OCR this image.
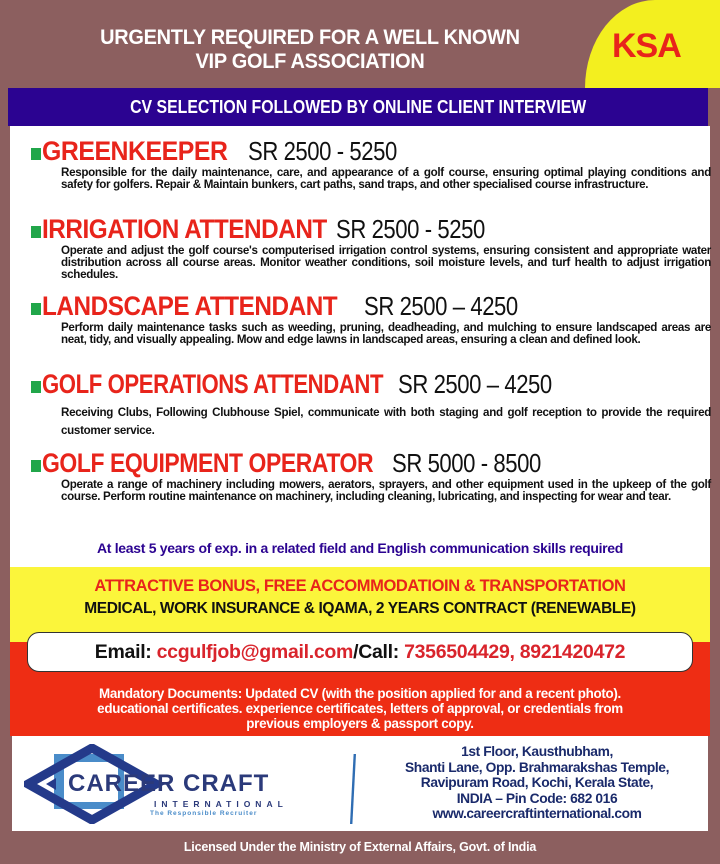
URGENTLY REQUIRED FOR A WELL KNOWN
VIP GOLF ASSOCIATION	KSA
CV SELECTION FOLLOWED BY ONLINE CLIENT INTERVIEW
GREENKEEPER SR 2500 - 5250
Responsible for the daily maintenance, care, and appearance of a golf course, ensuring optimal playing conditions and safety for golfers. Repair & Maintain bunkers, cart paths, sand traps, and other specialised course infrastructure.
IRRIGATION ATTENDANT SR 2500 - 5250
Operate and adjust the golf course's computerised irrigation control systems, ensuring consistent and appropriate water distribution across all course areas. Monitor weather conditions, soil moisture levels, and turf health to adjust irrigation schedules.
LANDSCAPE ATTENDANT SR 2500 – 4250
Perform daily maintenance tasks such as weeding, pruning, deadheading, and mulching to ensure landscaped areas are neat, tidy, and visually appealing. Mow and edge lawns in landscaped areas, ensuring a clean and defined look.
GOLF OPERATIONS ATTENDANT SR 2500 – 4250
Receiving Clubs, Following Clubhouse Spiel, communicate with both staging and golf reception to provide the required customer service.
GOLF EQUIPMENT OPERATOR SR 5000 - 8500
Operate a range of machinery including mowers, aerators, sprayers, and other equipment used in the upkeep of the golf course. Perform routine maintenance on machinery, including cleaning, lubricating, and inspecting for wear and tear.
At least 5 years of exp. in a related field and English communication skills required
ATTRACTIVE BONUS, FREE ACCOMMODATIOIN & TRANSPORTATION
MEDICAL, WORK INSURANCE & IQAMA, 2 YEARS CONTRACT (RENEWABLE)
Mandatory Documents: Updated CV (with the position applied for and a recent photo).
educational certificates. experience certificates, letters of approval, or credentials from
previous employers & passport copy.
Email: ccgulfjob@gmail.com/Call: 7356504429, 8921420472
CAREER CRAFT
INTERNATIONAL
The Responsible Recruiter
1st Floor, Kausthubham,
Shanti Lane, Opp. Brahmarakshas Temple,
Ravipuram Road, Kochi, Kerala State,
INDIA – Pin Code: 682 016
www.careercraftinternational.com
Licensed Under the Ministry of External Affairs, Govt. of India
